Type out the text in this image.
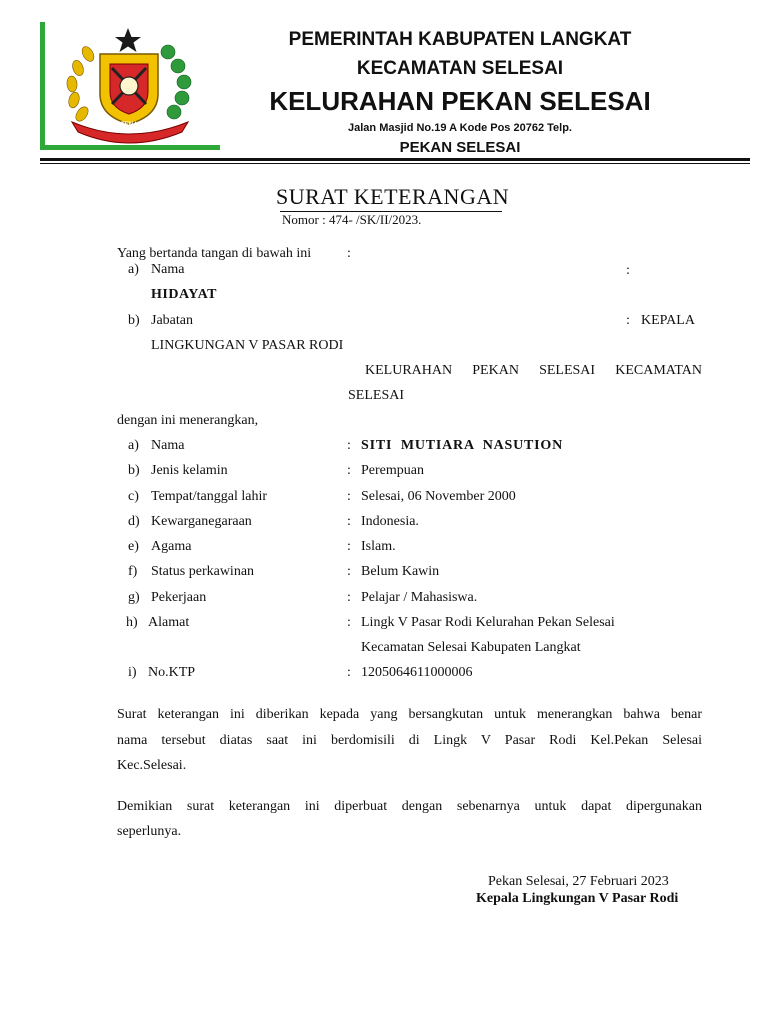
KABUPATEN LANGKAT
PEMERINTAH KABUPATEN LANGKAT
KECAMATAN SELESAI
KELURAHAN PEKAN SELESAI
Jalan Masjid No.19 A Kode Pos 20762 Telp.
PEKAN SELESAI
SURAT KETERANGAN
Nomor : 474- /SK/II/2023.
Yang bertanda tangan di bawah ini	:
a) Nama	:
HIDAYAT
b) Jabatan	: KEPALA
LINGKUNGAN V PASAR RODI
KELURAHAN PEKAN SELESAI KECAMATAN
SELESAI
dengan ini menerangkan,
a) Nama	: SITI  MUTIARA  NASUTION
b) Jenis kelamin	: Perempuan
c) Tempat/tanggal lahir	: Selesai, 06 November 2000
d) Kewarganegaraan	: Indonesia.
e) Agama	: Islam.
f) Status perkawinan	: Belum Kawin
g) Pekerjaan	: Pelajar / Mahasiswa.
h) Alamat	: Lingk V Pasar Rodi Kelurahan Pekan Selesai
Kecamatan Selesai Kabupaten Langkat
i) No.KTP	: 1205064611000006
Surat keterangan ini diberikan kepada yang bersangkutan untuk menerangkan bahwa benar
nama tersebut diatas saat ini berdomisili di Lingk V Pasar Rodi Kel.Pekan Selesai
Kec.Selesai.
Demikian surat keterangan ini diperbuat dengan sebenarnya untuk dapat dipergunakan
seperlunya.
Pekan Selesai, 27 Februari 2023
Kepala Lingkungan V Pasar Rodi
